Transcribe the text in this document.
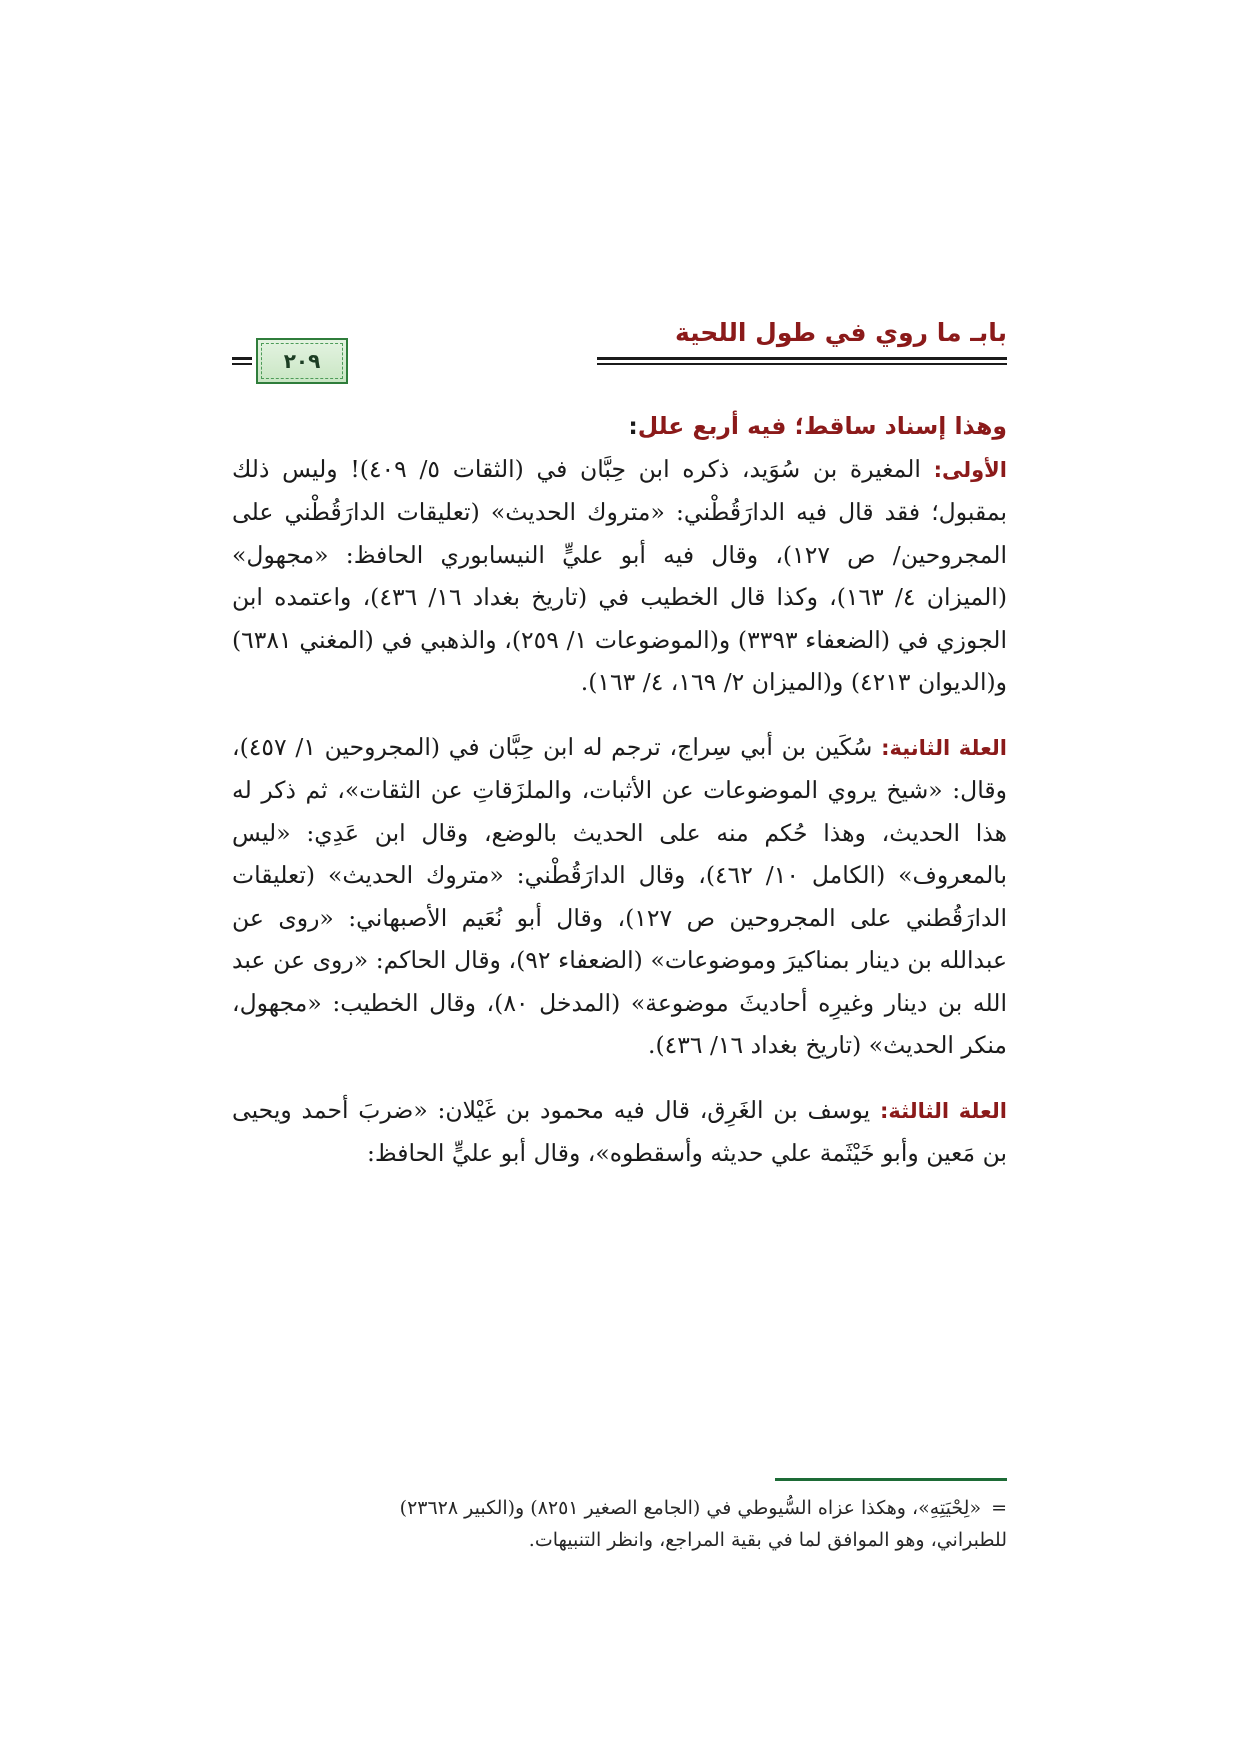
بابـ ما روي في طول اللحية
٢٠٩

وهذا إسناد ساقط؛ فيه أربع علل:

الأولى: المغيرة بن سُوَيد، ذكره ابن حِبَّان في (الثقات ٥/ ٤٠٩)! وليس ذلك بمقبول؛ فقد قال فيه الدارَقُطْني: «متروك الحديث» (تعليقات الدارَقُطْني على المجروحين/ ص ١٢٧)، وقال فيه أبو عليٍّ النيسابوري الحافظ: «مجهول» (الميزان ٤/ ١٦٣)، وكذا قال الخطيب في (تاريخ بغداد ١٦/ ٤٣٦)، واعتمده ابن الجوزي في (الضعفاء ٣٣٩٣) و(الموضوعات ١/ ٢٥٩)، والذهبي في (المغني ٦٣٨١) و(الديوان ٤٢١٣) و(الميزان ٢/ ١٦٩، ٤/ ١٦٣).

العلة الثانية: سُكَين بن أبي سِراج، ترجم له ابن حِبَّان في (المجروحين ١/ ٤٥٧)، وقال: «شيخ يروي الموضوعات عن الأثبات، والملزَقاتِ عن الثقات»، ثم ذكر له هذا الحديث، وهذا حُكم منه على الحديث بالوضع، وقال ابن عَدِي: «ليس بالمعروف» (الكامل ١٠/ ٤٦٢)، وقال الدارَقُطْني: «متروك الحديث» (تعليقات الدارَقُطني على المجروحين ص ١٢٧)، وقال أبو نُعَيم الأصبهاني: «روى عن عبدالله بن دينار بمناكيرَ وموضوعات» (الضعفاء ٩٢)، وقال الحاكم: «روى عن عبد الله بن دينار وغيرِه أحاديثَ موضوعة» (المدخل ٨٠)، وقال الخطيب: «مجهول، منكر الحديث» (تاريخ بغداد ١٦/ ٤٣٦).

العلة الثالثة: يوسف بن الغَرِق، قال فيه محمود بن غَيْلان: «ضربَ أحمد ويحيى بن مَعين وأبو خَيْثَمة علي حديثه وأسقطوه»، وقال أبو عليٍّ الحافظ:

=«لِحْيَتِهِ»، وهكذا عزاه السُّيوطي في (الجامع الصغير ٨٢٥١) و(الكبير ٢٣٦٢٨)

للطبراني، وهو الموافق لما في بقية المراجع، وانظر التنبيهات.
